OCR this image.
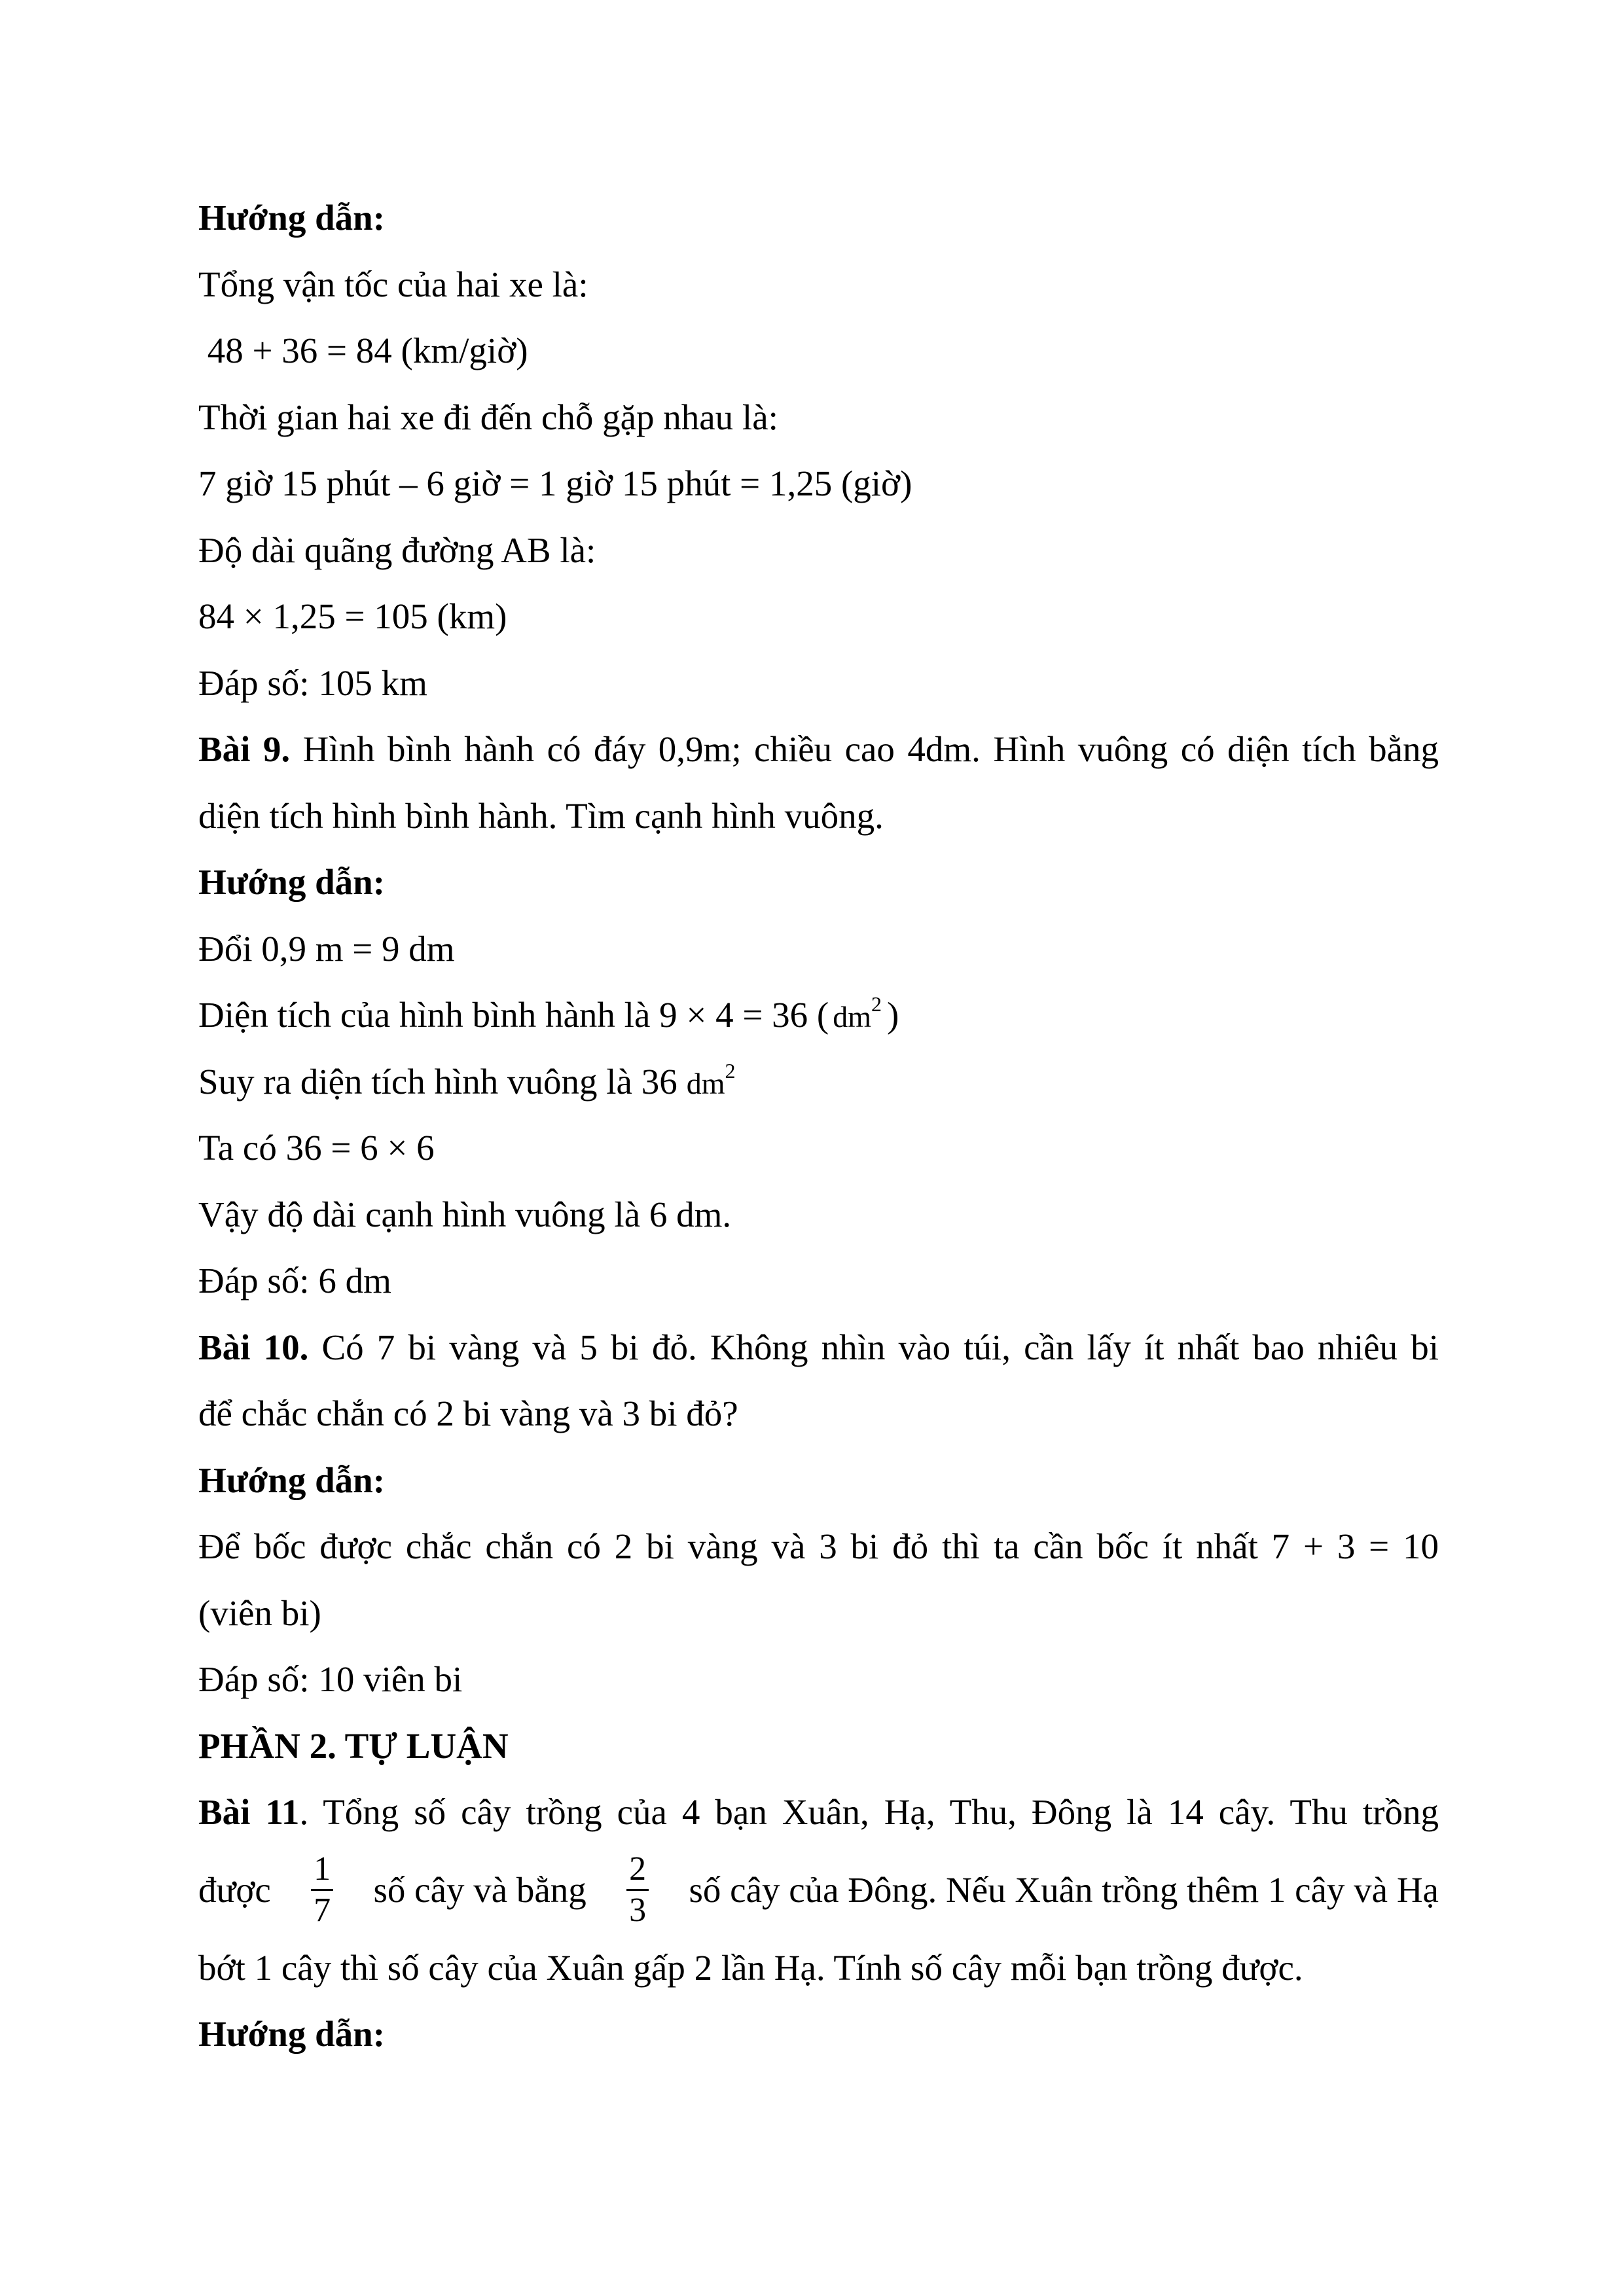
Hướng dẫn:
Tổng vận tốc của hai xe là:
48 + 36 = 84 (km/giờ)
Thời gian hai xe đi đến chỗ gặp nhau là:
7 giờ 15 phút – 6 giờ = 1 giờ 15 phút = 1,25 (giờ)
Độ dài quãng đường AB là:
84 × 1,25 = 105 (km)
Đáp số: 105 km
Bài 9. Hình bình hành có đáy 0,9m; chiều cao 4dm. Hình vuông có diện tích bằng
diện tích hình bình hành. Tìm cạnh hình vuông.
Hướng dẫn:
Đổi 0,9 m = 9 dm
Diện tích của hình bình hành là 9 × 4 = 36 ( $dm^2$ )
Suy ra diện tích hình vuông là 36 $dm^2$
Ta có 36 = 6 × 6
Vậy độ dài cạnh hình vuông là 6 dm.
Đáp số: 6 dm
Bài 10. Có 7 bi vàng và 5 bi đỏ. Không nhìn vào túi, cần lấy ít nhất bao nhiêu bi
để chắc chắn có 2 bi vàng và 3 bi đỏ?
Hướng dẫn:
Để bốc được chắc chắn có 2 bi vàng và 3 bi đỏ thì ta cần bốc ít nhất 7 + 3 = 10
(viên bi)
Đáp số: 10 viên bi
PHẦN 2. TỰ LUẬN
Bài 11. Tổng số cây trồng của 4 bạn Xuân, Hạ, Thu, Đông là 14 cây. Thu trồng
được $\frac{1}{7}$ số cây và bằng $\frac{2}{3}$ số cây của Đông. Nếu Xuân trồng thêm 1 cây và Hạ
bớt 1 cây thì số cây của Xuân gấp 2 lần Hạ. Tính số cây mỗi bạn trồng được.
Hướng dẫn:
